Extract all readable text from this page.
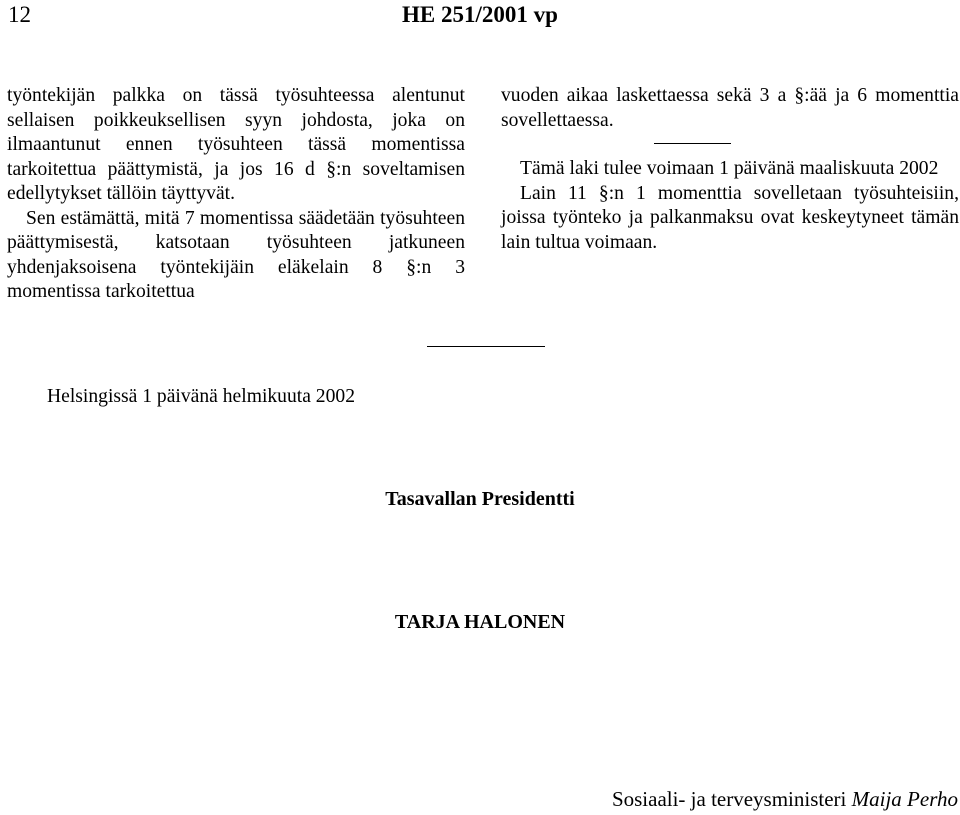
12	HE 251/2001 vp

työntekijän palkka on tässä työsuhteessa alentunut sellaisen poikkeuksellisen syyn johdosta, joka on ilmaantunut ennen työsuhteen tässä momentissa tarkoitettua päättymistä, ja jos 16 d §:n soveltamisen edellytykset tällöin täyttyvät.

Sen estämättä, mitä 7 momentissa säädetään työsuhteen päättymisestä, katsotaan työsuhteen jatkuneen yhdenjaksoisena työntekijäin eläkelain 8 §:n 3 momentissa tarkoitettua

vuoden aikaa laskettaessa sekä 3 a §:ää ja 6 momenttia sovellettaessa.

Tämä laki tulee voimaan 1 päivänä maaliskuuta 2002

Lain 11 §:n 1 momenttia sovelletaan työsuhteisiin, joissa työnteko ja palkanmaksu ovat keskeytyneet tämän lain tultua voimaan.

Helsingissä 1 päivänä helmikuuta 2002
Tasavallan Presidentti
TARJA HALONEN
Sosiaali- ja terveysministeri Maija Perho
